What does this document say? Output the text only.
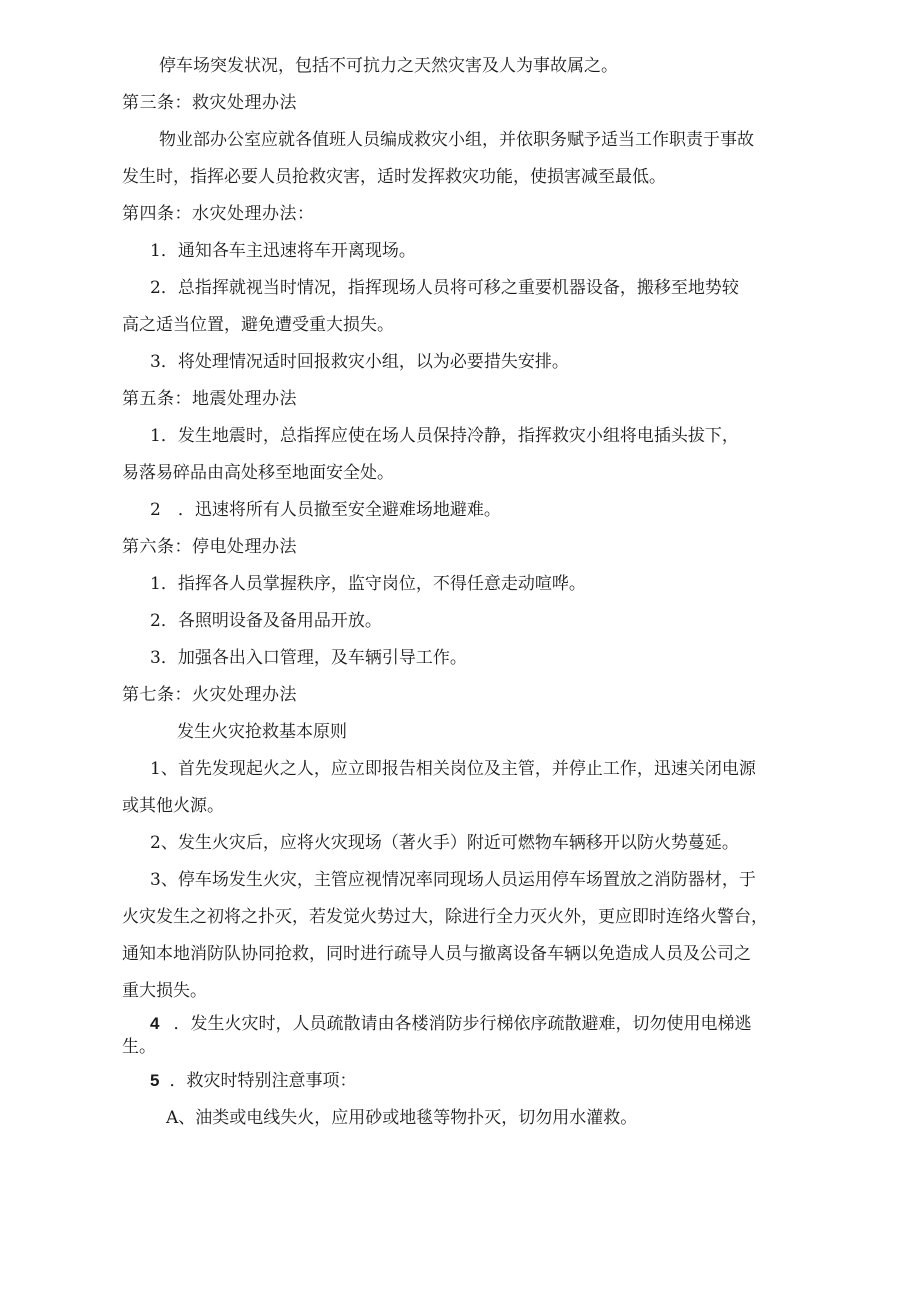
停车场突发状况，包括不可抗力之天然灾害及人为事故属之。
第三条：救灾处理办法
物业部办公室应就各值班人员编成救灾小组，并依职务赋予适当工作职责于事故
发生时，指挥必要人员抢救灾害，适时发挥救灾功能，使损害减至最低。
第四条：水灾处理办法：
1．通知各车主迅速将车开离现场。
2．总指挥就视当时情况，指挥现场人员将可移之重要机器设备，搬移至地势较
高之适当位置，避免遭受重大损失。
3．将处理情况适时回报救灾小组，以为必要措失安排。
第五条：地震处理办法
1．发生地震时，总指挥应使在场人员保持冷静，指挥救灾小组将电插头拔下，
易落易碎品由高处移至地面安全处。
2　．迅速将所有人员撤至安全避难场地避难。
第六条：停电处理办法
1．指挥各人员掌握秩序，监守岗位，不得任意走动喧哗。
2．各照明设备及备用品开放。
3．加强各出入口管理，及车辆引导工作。
第七条：火灾处理办法
发生火灾抢救基本原则
1、首先发现起火之人，应立即报告相关岗位及主管，并停止工作，迅速关闭电源
或其他火源。
2、发生火灾后，应将火灾现场（著火手）附近可燃物车辆移开以防火势蔓延。
3、停车场发生火灾，主管应视情况率同现场人员运用停车场置放之消防器材，于
火灾发生之初将之扑灭，若发觉火势过大，除进行全力灭火外，更应即时连络火警台，
通知本地消防队协同抢救，同时进行疏导人员与撤离设备车辆以免造成人员及公司之
重大损失。
4 ．发生火灾时，人员疏散请由各楼消防步行梯依序疏散避难，切勿使用电梯逃
生。
5 ．救灾时特别注意事项：
A、油类或电线失火，应用砂或地毯等物扑灭，切勿用水灌救。
